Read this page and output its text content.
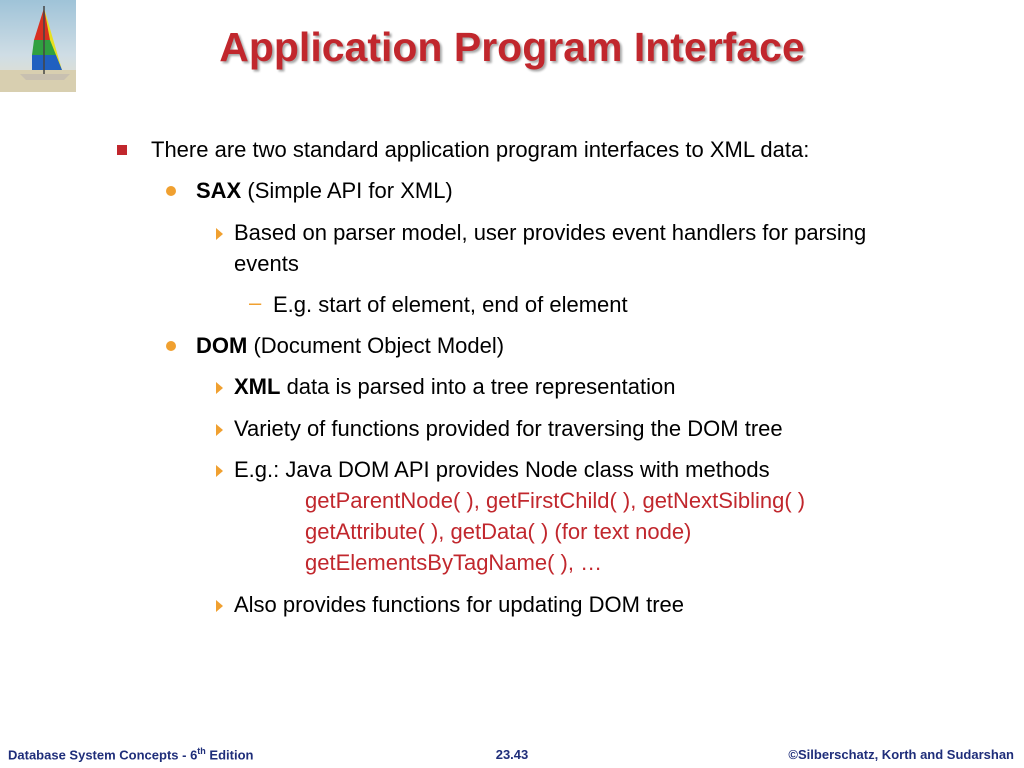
Application Program Interface
There are two standard application program interfaces to XML data:
SAX (Simple API for XML)
Based on parser model, user provides event handlers for parsing
events
– E.g. start of element, end of element
DOM (Document Object Model)
XML data is parsed into a tree representation
Variety of functions provided for traversing the DOM tree
E.g.: Java DOM API provides Node class with methods
getParentNode( ), getFirstChild( ), getNextSibling( )
getAttribute( ), getData( ) (for text node)
getElementsByTagName( ), …
Also provides functions for updating DOM tree
Database System Concepts - 6th Edition	23.43	©Silberschatz, Korth and Sudarshan
